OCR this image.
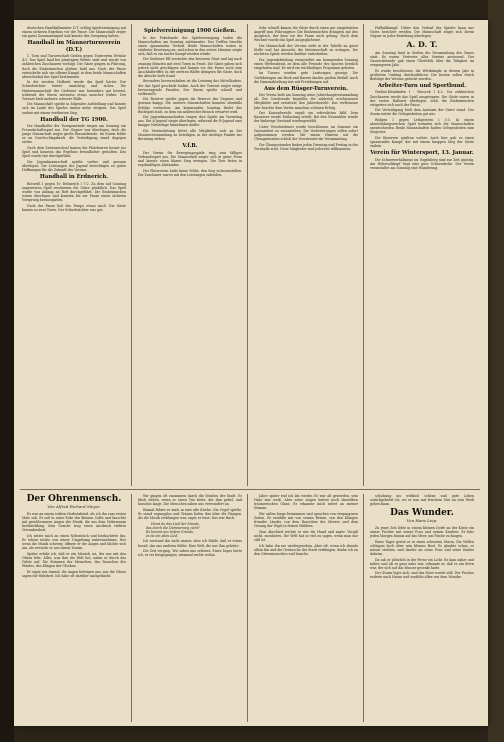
deutschen Handballmeister D.T. schlug Spielvereinigung mit einem sicheren Ergebnis vor der Pause. Die Mannschaft zeigte ein gutes Zusammenspiel und konnte den Vorsprung halten.

Handball im Männerturnverein (D.T.)

1. Turn und Turnerschaft Gießen gegen Turnverein Wetzlar 4:3. Das Spiel fand bei günstigem Wetter statt und wurde von zahlreichen Zuschauern verfolgt. Die Gäste gingen in Führung, doch die Einheimischen glichen bald aus. Nach der Pause entwickelte sich ein offener Kampf, in dem beide Mannschaften abwechselnd das Spiel bestimmten.

In der zweiten Halbzeit wurde das Spiel härter. Der Schiedsrichter leitete umsichtig und sicher. Die Hintermannschaft der Gießener war besonders gut besetzt, während der Sturm zeitweise etwas unsicher wirkte. Der Torwart hielt mehrere schwere Bälle.

Die Mannschaft spielte in folgender Aufstellung und konnte sich im Laufe des Spieles immer mehr steigern. Das Spiel endete mit einem verdienten Sieg.

Handball der TG 1900.

Die Handballer der Turngemeinde trugen am Sonntag ein Freundschaftsspiel aus. Der Gegner war überlegen, doch die junge Mannschaft zeigte große Einsatzfreude. Im Sturm fehlte es an Durchschlagskraft, die Verteidigung stand dagegen sicher.

Nach dem Seitenwechsel kamen die Platzherren besser ins Spiel und konnten das Ergebnis freundlicher gestalten. Das Spiel wurde fair durchgeführt.

Die Jugendmannschaft spielte vorher und gewann überlegen. Die Leistungen der Jugend berechtigen zu guten Hoffnungen für die Zukunft des Vereins.

Handball in Erdnerich.

Rotweiß I gegen Tv. Erdnerich I 7:2. Zu dem auf Sonntag angesetzten Spiel erschienen die Gäste pünktlich. Das Spiel wurde von Anfang an flott durchgeführt. Die Einheimischen waren überlegen und konnten bis zur Pause einen sicheren Vorsprung herausspielen.

Nach der Pause ließ das Tempo etwas nach. Die Gäste kamen zu zwei Toren. Der Schiedsrichter war gut.

Spielvereinigung 1900 Gießen.

In der Pokalrunde der Spielvereinigung trafen die Mannschaften am Sonntag aufeinander. Das Treffen brachte einen spannenden Verlauf. Beide Mannschaften traten in stärkster Besetzung an, und schon in den ersten Minuten zeigte sich, daß es ein harter Kampf werden würde.

Die Gießener Elf erwischte den besseren Start und lag nach zwanzig Minuten mit zwei Toren in Front. Die Gäste gaben sich jedoch nicht geschlagen und kamen vor der Pause noch zum Anschlußtreffer. In der zweiten Hälfte drängten die Gäste, doch die Abwehr hielt stand.

Besonders hervorzuheben ist die Leistung des Mittelläufers, der das Spiel geschickt lenkte. Auch der Torwart zeigte einige hervorragende Paraden. Der Sturm spielte schnell und zielbewußt.

Die Reserve spielte gegen die Reserve des Gegners und gewann knapp. Die unteren Mannschaften konnten ebenfalls Erfolge verbuchen. Am kommenden Sonntag findet das Rückspiel statt, zu dem ein zahlreicher Besuch erwartet wird.

Die Jugendmannschaften trugen ihre Spiele am Vormittag aus. Die A-Jugend siegte überlegen, während die B-Jugend eine knappe Niederlage hinnehmen mußte.

Die Vereinsleitung bittet alle Mitglieder, sich an der Monatsversammlung zu beteiligen, in der wichtige Punkte zur Beratung stehen.

V.f.B.

Der Verein für Bewegungsspiele trug sein fälliges Verbandsspiel aus. Die Mannschaft zeigte sich in guter Form und konnte einen klaren Sieg erringen. Die Tore fielen in regelmäßigen Abständen.

Der Platzverein hatte keine Mühe, den Sieg sicherzustellen. Die Zuschauer waren mit den Leistungen zufrieden.

Sehr schnell kamen die Gäste durch einen gut eingeleiteten Angriff zum Führungstor. Die Einheimischen drängten auf den Ausgleich, der kurz vor der Pause auch gelang. Nach dem Wechsel wurde das Spiel ausgeglichener.

Die Mannschaft des Vereins steht in der Tabelle an guter Stelle und hat Aussicht, die Meisterschaft zu erringen. Die nächsten Spiele werden darüber entscheiden.

Die Jugendabteilung veranstaltet am kommenden Sonntag einen Werbeabend, zu dem alle Freunde des Sportes herzlich eingeladen sind. Es wird ein reichhaltiges Programm geboten.

Im Turnen wurden gute Leistungen gezeigt. Die Vorführungen am Reck und Barren fanden großen Beifall. Auch die Damenabteilung trat mit Freiübungen auf.

Aus dem Rüsger-Turnverein.

Der Verein hielt am Samstag seine Jahreshauptversammlung ab. Der Vorsitzende begrüßte die zahlreich erschienenen Mitglieder und erstattete den Jahresbericht. Das verflossene Jahr brachte dem Verein manchen schönen Erfolg.

Der Kassenbericht ergab ein erfreuliches Bild. Dem Kassierer wurde Entlastung erteilt. Bei den Neuwahlen wurde der bisherige Vorstand wiedergewählt.

Unter Verschiedenes wurde beschlossen, im Sommer ein Gauturnfest zu veranstalten. Die Vorbereitungen sollen sofort aufgenommen werden. Mit einem Hinweis auf die Übungsstunden schloß der Vorsitzende die Versammlung.

Die Übungsstunden finden jeden Dienstag und Freitag in der Turnhalle statt. Neue Mitglieder sind jederzeit willkommen.

Fußballkampf. Ueber den Verlauf des Spieles kann nur Gutes berichtet werden. Die Mannschaft zeigte sich ihrem Gegner in jeder Beziehung überlegen.

A. D. T.

Am Sonntag fand in Gießen die Versammlung des Gaues statt. Es waren Vertreter aller Vereine anwesend. Der Gauvorsitzende gab einen Überblick über die Tätigkeit im vergangenen Jahr.

Es wurde beschlossen, die Wettkämpfe in diesem Jahr in größerem Umfang durchzuführen. Die Kosten sollen durch Beiträge der Vereine gedeckt werden.

Arbeiter-Turn und Sportbund.

Gießen-Kleinlinden I - Wieseck I 4:2. Vor zahlreichen Zuschauern wurde das Spiel ausgetragen. Die Gäste waren in der ersten Halbzeit überlegen, doch die Einheimischen steigerten sich nach der Pause.

Die Verteidigung hielt dem Ansturm der Gäste stand. Der Sturm nutzte die Gelegenheiten gut aus.

Rödgen I gegen Leihgestern I 3:3. In einem abwechslungsreichen Spiel trennten sich die Mannschaften unentschieden. Beide Mannschaften hatten Gelegenheiten zum Siegestor.

Die Reserven spielten vorher. Auch hier gab es einen spannenden Kampf, der mit einem knappen Sieg der Gäste endete.

Verein für Wintersport, 13. Januar.

Die Schneeverhältnisse im Vogelsberg sind zur Zeit günstig. Am Hoherodskopf liegt eine gute Schneedecke. Der Verein veranstaltet am Sonntag eine Wanderung.

Der Ohrenmensch.
Von Alfred Richard Meyer.

Es war an einem trüben Herbstabend, als ich ihn zum ersten Male sah. Er saß in einer Ecke des kleinen Cafés und lauschte mit geschlossenen Augen der Musik, die aus dem Nebenraum herüberklang. Sein Gesicht trug einen Ausdruck tiefster Versunkenheit.

Ich setzte mich an einen Nebentisch und beobachtete ihn. Er schien nichts von seiner Umgebung wahrzunehmen. Nur wenn die Musik schwieg, öffnete er die Augen und blickte sich um, als erwache er aus einem Traum.

Später erfuhr ich, daß er ein Mensch sei, der nur mit den Ohren lebe. Alles, was ihm die Welt bot, nahm er durch das Gehör auf. Die Stimmen der Menschen, das Rauschen des Windes, das Klingen der Glocken.

Er sagte mir einmal, die Augen betrügen uns, nur die Ohren sagen die Wahrheit. Ich habe oft darüber nachgedacht.

Wir gingen oft zusammen durch die Straßen der Stadt. Er blieb stehen, wenn er einen Ton hörte, der ihm gefiel, und lauschte lange. Die Menschen sahen uns verwundert an.

Einmal führte er mich in eine alte Kirche. Die Orgel spielte. Er stand regungslos und Tränen liefen ihm über die Wangen. Als die Musik verklungen war, sagte er leise: Das war Bach.

Hörst du das Lied der Stunde,
das durch die Dämmerung zieht?
Es kommt aus tiefem Grunde,
es ist ein altes Lied.

Ich verstand ihn nicht immer, aber ich fühlte, daß er etwas besaß, das uns anderen fehlte. Eine Welt, die nur ihm gehörte.

Die Zeit verging. Wir sahen uns seltener. Eines Tages hörte ich, er sei fortgegangen, niemand wußte wohin.

Jahre später traf ich ihn wieder. Er war alt geworden, sein Haar war weiß. Aber seine Augen hatten noch denselben träumerischen Glanz. Er erkannte mich sofort an meiner Stimme.

Wir saßen lange beisammen und sprachen von vergangenen Zeiten. Er erzählte mir von seinen Reisen, von den Klängen fremder Länder, von dem Rauschen des Meeres und dem Gesang der Vögel in fernen Wäldern.

Zum Abschied reichte er mir die Hand und sagte: Vergiß nicht, zuzuhören. Die Welt hat so viel zu sagen, wenn man nur still ist.

Ich habe ihn nie wiedergesehen. Aber oft, wenn ich abends allein bin und die Geräusche der Stadt verklingen, denke ich an den Ohrenmenschen und lausche.

schickung ins wirklich schöne und gute Leben zurückgekehrt ist, wo er nun mit frischem Mut an sein Werk gehen kann.

Das Wunder.
Von Hans Leip.

Zu jener Zeit lebte in einem kleinen Dorfe an der Küste ein armer Fischer mit seiner Frau und seinen Kindern. Er fuhr jeden Morgen hinaus auf das Meer, um Fische zu fangen.

Eines Tages geriet er in einen schweren Sturm. Die Wellen schlugen hoch über sein kleines Boot. Er glaubte schon, er müsse sterben, und dachte an seine Frau und seine Kinder daheim.

Da sah er plötzlich in der Ferne ein Licht. Es kam näher und näher, und als es ganz nahe war, erkannte er, daß es ein Stern war, der sich auf das Wasser gesenkt hatte.

Der Sturm legte sich, und das Meer wurde still. Der Fischer ruderte nach Hause und erzählte allen von dem Wunder.
